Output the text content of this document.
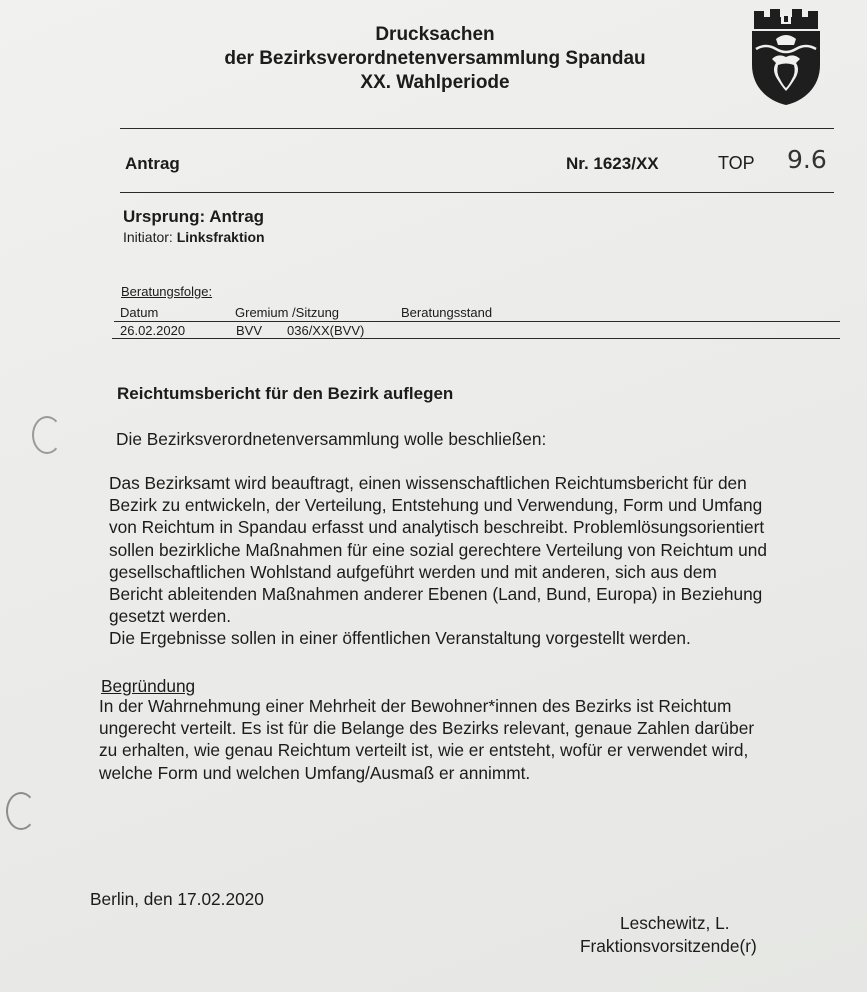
Drucksachen
der Bezirksverordnetenversammlung Spandau
XX. Wahlperiode
Antrag	Nr. 1623/XX	TOP 9.6
Ursprung: Antrag
Initiator: Linksfraktion
Beratungsfolge:
Datum	Gremium /Sitzung	Beratungsstand
26.02.2020	BVV 036/XX(BVV)
Reichtumsbericht für den Bezirk auflegen
Die Bezirksverordnetenversammlung wolle beschließen:
Das Bezirksamt wird beauftragt, einen wissenschaftlichen Reichtumsbericht für den
Bezirk zu entwickeln, der Verteilung, Entstehung und Verwendung, Form und Umfang
von Reichtum in Spandau erfasst und analytisch beschreibt. Problemlösungsorientiert
sollen bezirkliche Maßnahmen für eine sozial gerechtere Verteilung von Reichtum und
gesellschaftlichen Wohlstand aufgeführt werden und mit anderen, sich aus dem
Bericht ableitenden Maßnahmen anderer Ebenen (Land, Bund, Europa) in Beziehung
gesetzt werden.
Die Ergebnisse sollen in einer öffentlichen Veranstaltung vorgestellt werden.
Begründung
In der Wahrnehmung einer Mehrheit der Bewohner*innen des Bezirks ist Reichtum
ungerecht verteilt. Es ist für die Belange des Bezirks relevant, genaue Zahlen darüber
zu erhalten, wie genau Reichtum verteilt ist, wie er entsteht, wofür er verwendet wird,
welche Form und welchen Umfang/Ausmaß er annimmt.
Berlin, den 17.02.2020
Leschewitz, L.
Fraktionsvorsitzende(r)
